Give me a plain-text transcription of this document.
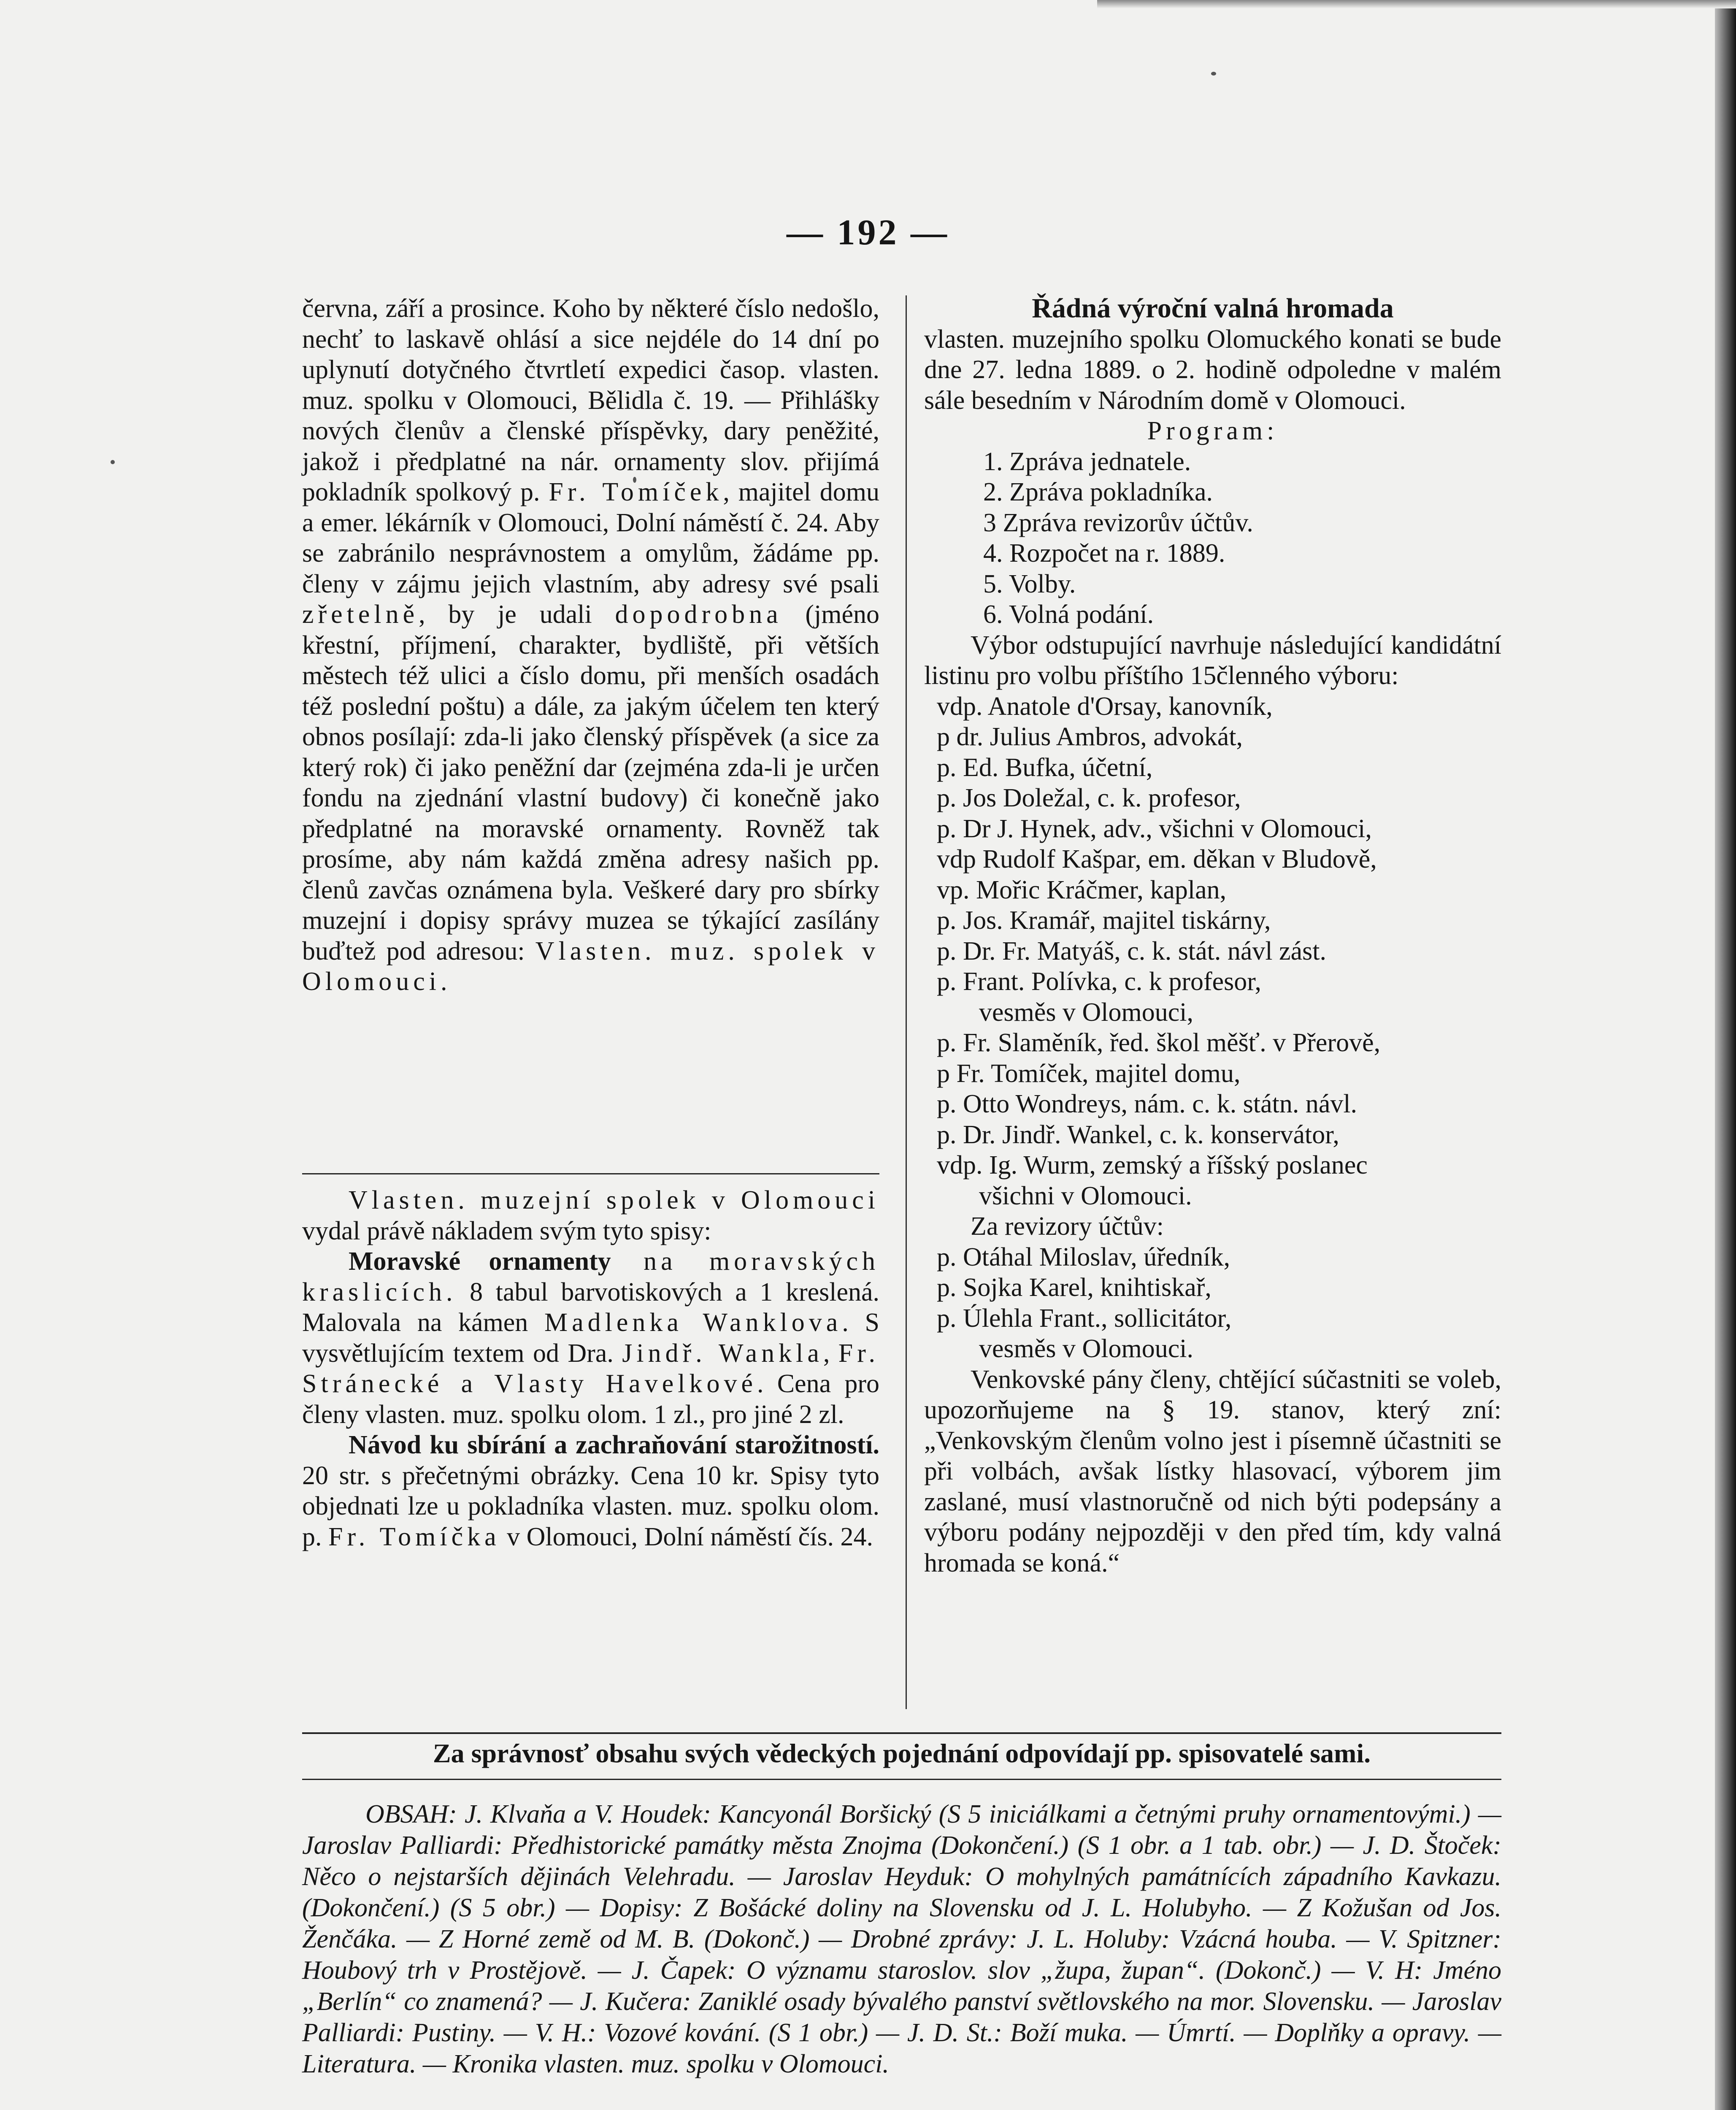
— 192 —

června, září a prosince. Koho by některé číslo nedošlo, nechť to laskavě ohlásí a sice nejdéle do 14 dní po uplynutí dotyčného čtvrtletí expedici časop. vlasten. muz. spolku v Olomouci, Bělidla č. 19. — Přihlášky nových členův a členské příspěvky, dary peněžité, jakož i předplatné na nár. ornamenty slov. přijímá pokladník spolkový p. Fr. Tomíček, majitel domu a emer. lékárník v Olomouci, Dolní náměstí č. 24. Aby se zabránilo nesprávnostem a omylům, žádáme pp. členy v zájmu jejich vlastním, aby adresy své psali zřetelně, by je udali dopodrobna (jméno křestní, příjmení, charakter, bydliště, při větších městech též ulici a číslo domu, při menších osadách též poslední poštu) a dále, za jakým účelem ten který obnos posílají: zda-li jako členský příspěvek (a sice za který rok) či jako peněžní dar (zejména zda-li je určen fondu na zjednání vlastní budovy) či konečně jako předplatné na moravské ornamenty. Rovněž tak prosíme, aby nám každá změna adresy našich pp. členů zavčas oznámena byla. Veškeré dary pro sbírky muzejní i dopisy správy muzea se týkající zasílány buďtež pod adresou: Vlasten. muz. spolek v Olomouci.

Vlasten. muzejní spolek v Olomouci vydal právě nákladem svým tyto spisy:

Moravské ornamenty na moravských kraslicích. 8 tabul barvotiskových a 1 kreslená. Malovala na kámen Madlenka Wanklova. S vysvětlujícím textem od Dra. Jindř. Wankla, Fr. Stránecké a Vlasty Havelkové. Cena pro členy vlasten. muz. spolku olom. 1 zl., pro jiné 2 zl.

Návod ku sbírání a zachraňování starožitností. 20 str. s přečetnými obrázky. Cena 10 kr. Spisy tyto objednati lze u pokladníka vlasten. muz. spolku olom. p. Fr. Tomíčka v Olomouci, Dolní náměstí čís. 24.

Řádná výroční valná hromada

vlasten. muzejního spolku Olomuckého konati se bude dne 27. ledna 1889. o 2. hodině odpoledne v malém sále besedním v Národním domě v Olomouci.

Program:

1. Zpráva jednatele.
2. Zpráva pokladníka.
3 Zpráva revizorův účtův.
4. Rozpočet na r. 1889.
5. Volby.
6. Volná podání.

Výbor odstupující navrhuje následující kandidátní listinu pro volbu příštího 15členného výboru:

vdp. Anatole d'Orsay, kanovník,

p dr. Julius Ambros, advokát,

p. Ed. Bufka, účetní,

p. Jos Doležal, c. k. profesor,

p. Dr J. Hynek, adv., všichni v Olomouci,

vdp Rudolf Kašpar, em. děkan v Bludově,

vp. Mořic Kráčmer, kaplan,

p. Jos. Kramář, majitel tiskárny,

p. Dr. Fr. Matyáš, c. k. stát. návl zást.

p. Frant. Polívka, c. k profesor,

vesměs v Olomouci,

p. Fr. Slaměník, řed. škol měšť. v Přerově,

p Fr. Tomíček, majitel domu,

p. Otto Wondreys, nám. c. k. státn. návl.

p. Dr. Jindř. Wankel, c. k. konservátor,

vdp. Ig. Wurm, zemský a říšský poslanec

všichni v Olomouci.

Za revizory účtův:

p. Otáhal Miloslav, úředník,

p. Sojka Karel, knihtiskař,

p. Úlehla Frant., sollicitátor,

vesměs v Olomouci.

Venkovské pány členy, chtějící súčastniti se voleb, upozorňujeme na § 19. stanov, který zní: „Venkovským členům volno jest i písemně účastniti se při volbách, avšak lístky hlasovací, výborem jim zaslané, musí vlastnoručně od nich býti podepsány a výboru podány nejpozději v den před tím, kdy valná hromada se koná.“

Za správnosť obsahu svých vědeckých pojednání odpovídají pp. spisovatelé sami.
OBSAH: J. Klvaňa a V. Houdek: Kancyonál Boršický (S 5 iniciálkami a četnými pruhy ornamentovými.) — Jaroslav Palliardi: Předhistorické památky města Znojma (Dokončení.) (S 1 obr. a 1 tab. obr.) — J. D. Štoček: Něco o nejstarších dějinách Velehradu. — Jaroslav Heyduk: O mohylných památnících západního Kavkazu. (Dokončení.) (S 5 obr.) — Dopisy: Z Bošácké doliny na Slovensku od J. L. Holubyho. — Z Kožušan od Jos. Ženčáka. — Z Horné země od M. B. (Dokonč.) — Drobné zprávy: J. L. Holuby: Vzácná houba. — V. Spitzner: Houbový trh v Prostějově. — J. Čapek: O významu staroslov. slov „župa, župan“. (Dokonč.) — V. H: Jméno „Berlín“ co znamená? — J. Kučera: Zaniklé osady bývalého panství světlovského na mor. Slovensku. — Jaroslav Palliardi: Pustiny. — V. H.: Vozové kování. (S 1 obr.) — J. D. St.: Boží muka. — Úmrtí. — Doplňky a opravy. — Literatura. — Kronika vlasten. muz. spolku v Olomouci.
